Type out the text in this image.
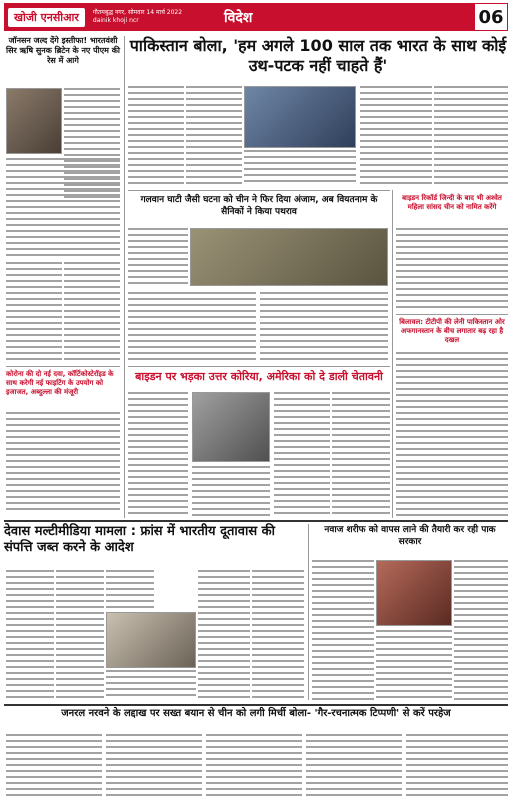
खोजी एनसीआर	गौतमबुद्ध नगर, सोमवार 14 मार्च 2022
dainik khoji ncr	विदेश	06
जॉनसन जल्द देंगे इस्तीफा! भारतवंशी सिर ऋषि सुनक ब्रिटेन के नए पीएम की रेस में आगे
कोरोना की दो नई दवा, कॉर्टिकोस्टेरॉइड के साथ करेगी नई फाइटिंग के उपयोग को इजाजत, अब्दुल्ला की मंजूरी
पाकिस्तान बोला, 'हम अगले 100 साल तक भारत के साथ कोई उथ-पटक नहीं चाहते हैं'
गलवान घाटी जैसी घटना को चीन ने फिर दिया अंजाम, अब वियतनाम के सैनिकों ने किया पथराव
बाइडन रिकॉर्ड जिन्दी के बाद भी अश्वेत महिला सांसद चीन को नामित करेंगे
बिलावल: टीटीपी की लेनी पाकिस्तान ओर अफगानस्तान के बीच लगातार बढ़ रहा है दखल
बाइडन पर भड़का उत्तर कोरिया, अमेरिका को दे डाली चेतावनी
देवास मल्टीमीडिया मामला : फ्रांस में भारतीय दूतावास की संपत्ति जब्त करने के आदेश
नवाज शरीफ को वापस लाने की तैयारी कर रही पाक सरकार
जनरल नरवने के लद्दाख पर सख्त बयान से चीन को लगी मिर्ची बोला- 'गैर-रचनात्मक टिप्पणी' से करें परहेज
